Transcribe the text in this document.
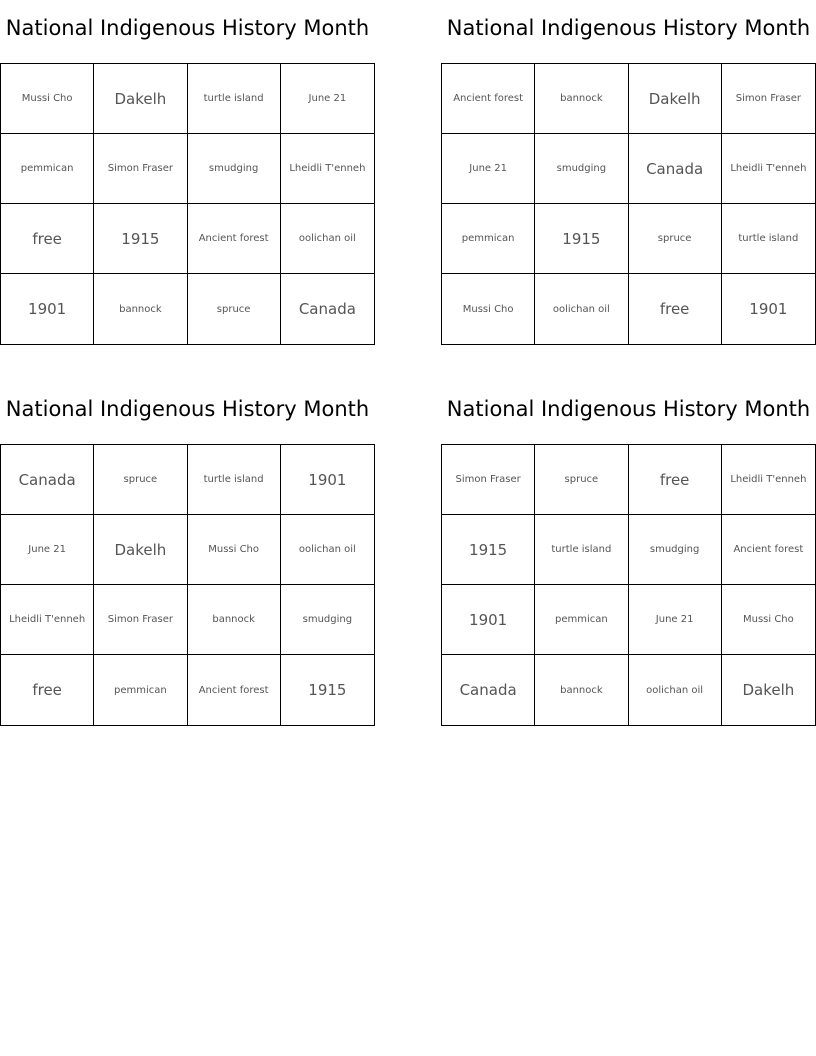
National Indigenous History Month
Mussi Cho	Dakelh	turtle island	June 21
pemmican	Simon Fraser	smudging	Lheidli T'enneh
free	1915	Ancient forest	oolichan oil
1901	bannock	spruce	Canada
National Indigenous History Month
Ancient forest	bannock	Dakelh	Simon Fraser
June 21	smudging	Canada	Lheidli T'enneh
pemmican	1915	spruce	turtle island
Mussi Cho	oolichan oil	free	1901
National Indigenous History Month
Canada	spruce	turtle island	1901
June 21	Dakelh	Mussi Cho	oolichan oil
Lheidli T'enneh	Simon Fraser	bannock	smudging
free	pemmican	Ancient forest	1915
National Indigenous History Month
Simon Fraser	spruce	free	Lheidli T'enneh
1915	turtle island	smudging	Ancient forest
1901	pemmican	June 21	Mussi Cho
Canada	bannock	oolichan oil	Dakelh
